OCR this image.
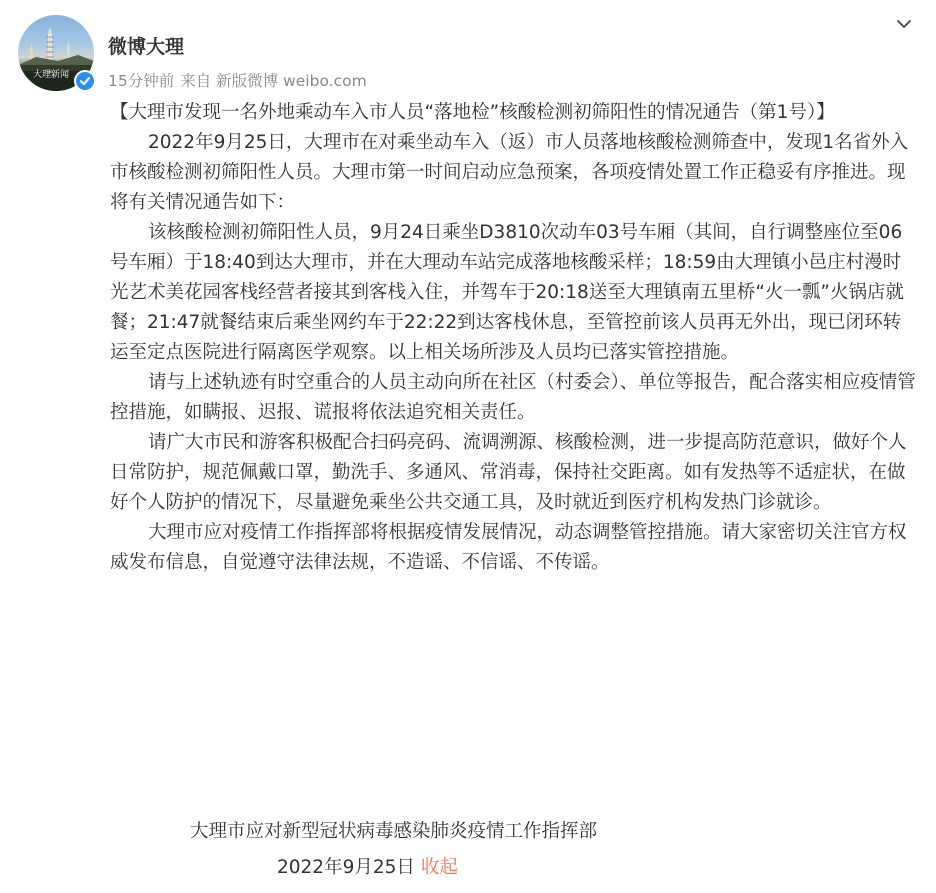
大理新闻
微博大理
15分钟前 来自 新版微博 weibo.com

【大理市发现一名外地乘动车入市人员“落地检”核酸检测初筛阳性的情况通告（第1号）】

2022年9月25日，大理市在对乘坐动车入（返）市人员落地核酸检测筛查中，发现1名省外入市核酸检测初筛阳性人员。大理市第一时间启动应急预案，各项疫情处置工作正稳妥有序推进。现将有关情况通告如下：

该核酸检测初筛阳性人员，9月24日乘坐D3810次动车03号车厢（其间，自行调整座位至06号车厢）于18:40到达大理市，并在大理动车站完成落地核酸采样；18:59由大理镇小邑庄村漫时光艺术美花园客栈经营者接其到客栈入住，并驾车于20:18送至大理镇南五里桥“火一瓢”火锅店就餐；21:47就餐结束后乘坐网约车于22:22到达客栈休息，至管控前该人员再无外出，现已闭环转运至定点医院进行隔离医学观察。以上相关场所涉及人员均已落实管控措施。

请与上述轨迹有时空重合的人员主动向所在社区（村委会）、单位等报告，配合落实相应疫情管控措施，如瞒报、迟报、谎报将依法追究相关责任。

请广大市民和游客积极配合扫码亮码、流调溯源、核酸检测，进一步提高防范意识，做好个人日常防护，规范佩戴口罩，勤洗手、多通风、常消毒，保持社交距离。如有发热等不适症状，在做好个人防护的情况下，尽量避免乘坐公共交通工具，及时就近到医疗机构发热门诊就诊。

大理市应对疫情工作指挥部将根据疫情发展情况，动态调整管控措施。请大家密切关注官方权威发布信息，自觉遵守法律法规，不造谣、不信谣、不传谣。

大理市应对新型冠状病毒感染肺炎疫情工作指挥部
2022年9月25日 收起
